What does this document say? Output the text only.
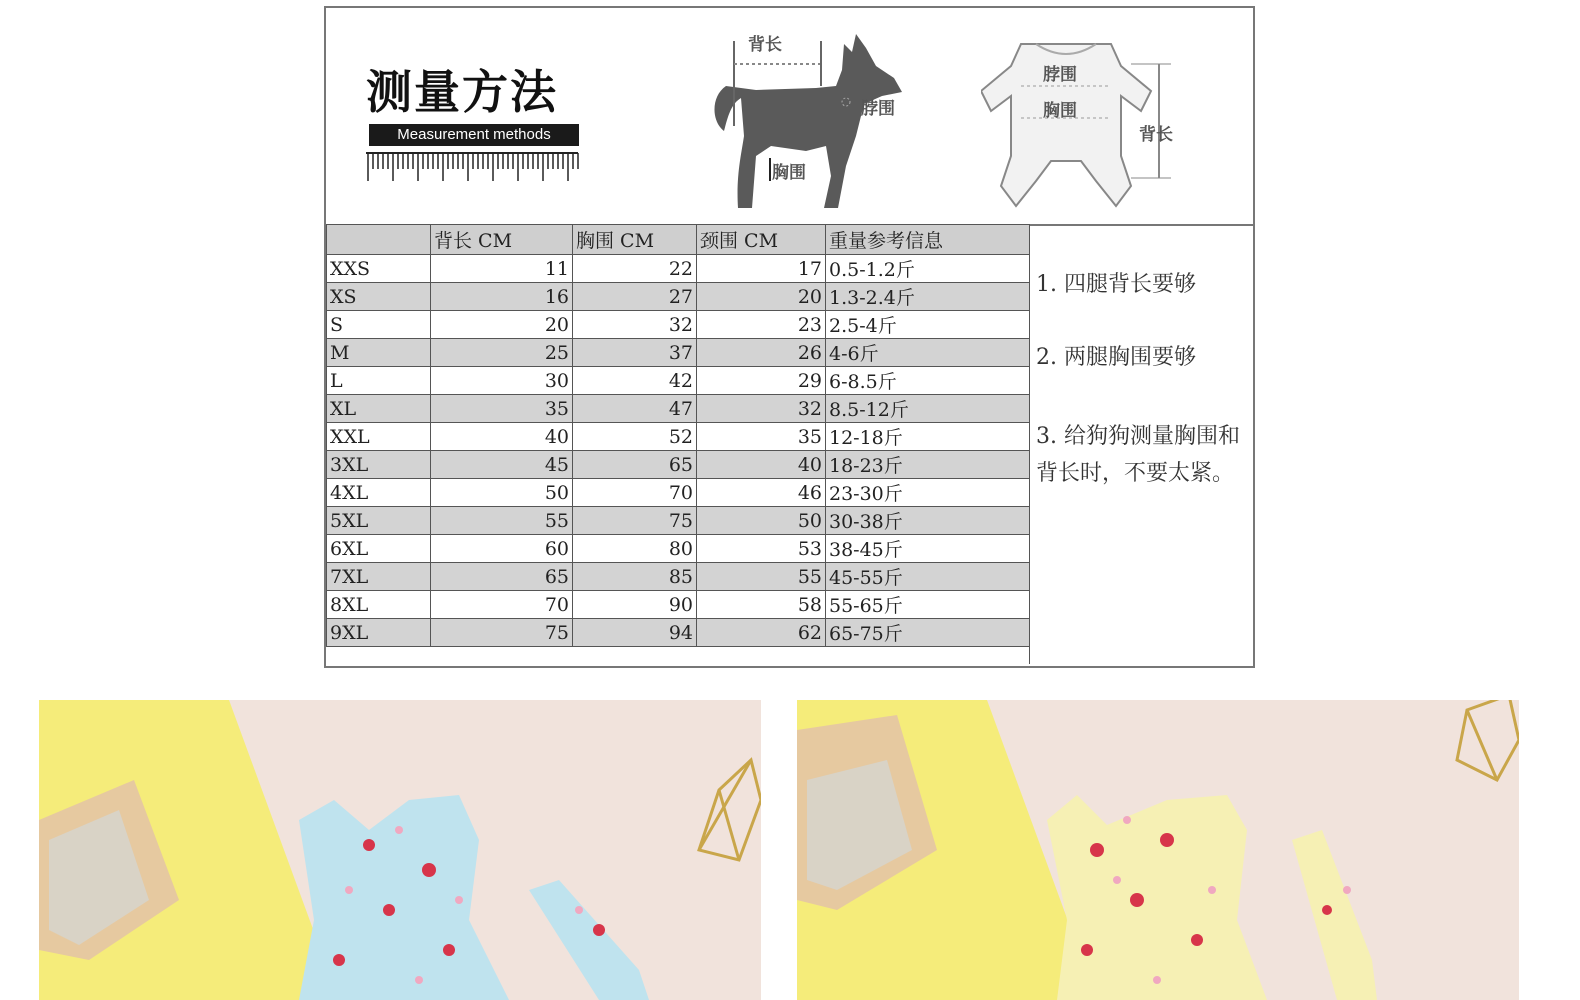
测量方法
Measurement methods
背长
脖围
胸围
脖围
胸围
背长
	背长 CM	胸围 CM	颈围 CM	重量参考信息
XXS	11	22	17	0.5-1.2斤
XS	16	27	20	1.3-2.4斤
S	20	32	23	2.5-4斤
M	25	37	26	4-6斤
L	30	42	29	6-8.5斤
XL	35	47	32	8.5-12斤
XXL	40	52	35	12-18斤
3XL	45	65	40	18-23斤
4XL	50	70	46	23-30斤
5XL	55	75	50	30-38斤
6XL	60	80	53	38-45斤
7XL	65	85	55	45-55斤
8XL	70	90	58	55-65斤
9XL	75	94	62	65-75斤
1. 四腿背长要够
2. 两腿胸围要够
3. 给狗狗测量胸围和背长时，不要太紧。
